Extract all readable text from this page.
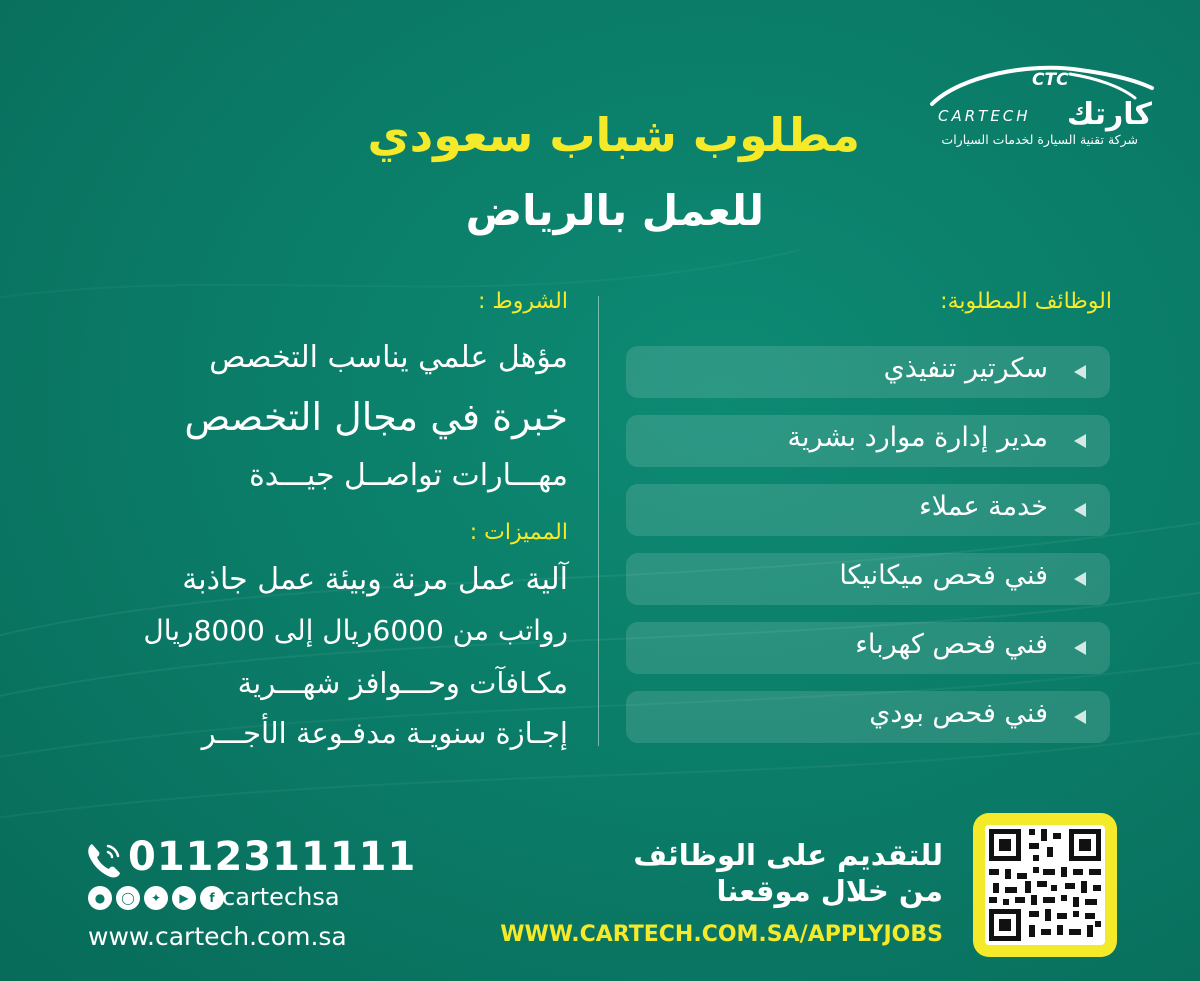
CTC
CARTECH كارتك
شركة تقنية السيارة لخدمات السيارات
مطلوب شباب سعودي
للعمل بالرياض
الوظائف المطلوبة:
الشروط :
المميزات :
سكرتير تنفيذي
مدير إدارة موارد بشرية
خدمة عملاء
فني فحص ميكانيكا
فني فحص كهرباء
فني فحص بودي
مؤهل علمي يناسب التخصص
خبرة في مجال التخصص
مهـــارات تواصــل جيـــدة
آلية عمل مرنة وبيئة عمل جاذبة
رواتب من 6000ريال إلى 8000ريال
مكـافآت وحـــوافز شهـــرية
إجـازة سنويـة مدفـوعة الأجـــر
0112311111
●	◯	✦	▶	f cartechsa
www.cartech.com.sa
للتقديم على الوظائف
من خلال موقعنا
WWW.CARTECH.COM.SA/APPLYJOBS
